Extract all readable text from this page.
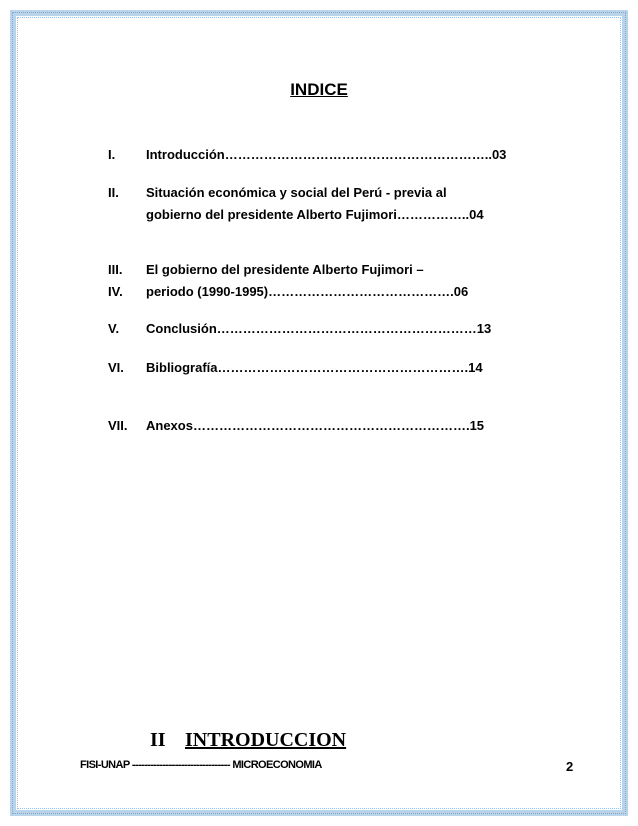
INDICE
I.	Introducción……………………………………………………..03
II.	Situación económica y social del Perú - previa al
gobierno del presidente Alberto Fujimori……………..04
III.	El gobierno del presidente Alberto Fujimori –
IV.	periodo (1990-1995)…………………………………….06
V.	Conclusión……………………………………………………13
VI.	Bibliografía………………………………………………….14
VII.	Anexos……………………………………………………….15
II INTRODUCCION
FISI-UNAP -------------------------------- MICROECONOMIA	2
